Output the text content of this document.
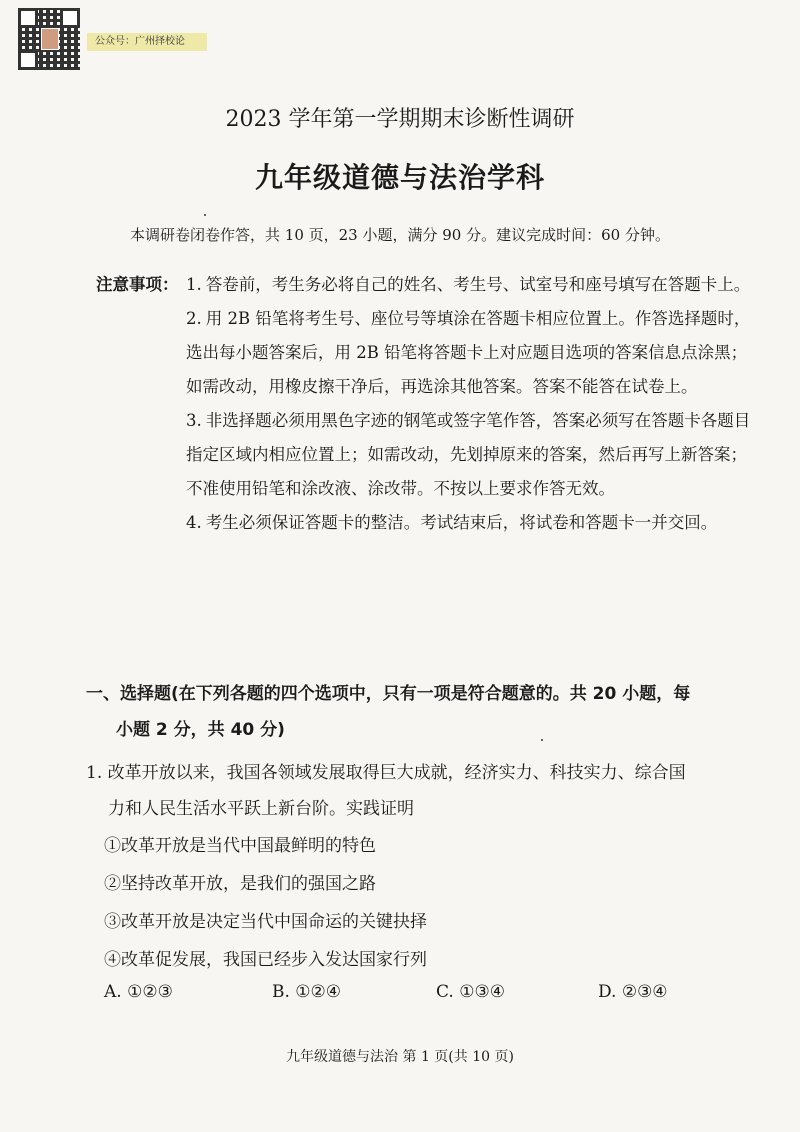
公众号：广州择校论
2023 学年第一学期期末诊断性调研
九年级道德与法治学科
本调研卷闭卷作答，共 10 页，23 小题，满分 90 分。建议完成时间：60 分钟。
注意事项： 1. 答卷前，考生务必将自己的姓名、考生号、试室号和座号填写在答题卡上。
2. 用 2B 铅笔将考生号、座位号等填涂在答题卡相应位置上。作答选择题时，选出每小题答案后，用 2B 铅笔将答题卡上对应题目选项的答案信息点涂黑；如需改动，用橡皮擦干净后，再选涂其他答案。答案不能答在试卷上。
3. 非选择题必须用黑色字迹的钢笔或签字笔作答，答案必须写在答题卡各题目指定区域内相应位置上；如需改动，先划掉原来的答案，然后再写上新答案；不准使用铅笔和涂改液、涂改带。不按以上要求作答无效。
4. 考生必须保证答题卡的整洁。考试结束后，将试卷和答题卡一并交回。
一、选择题(在下列各题的四个选项中，只有一项是符合题意的。共 20 小题，每
小题 2 分，共 40 分)
1. 改革开放以来，我国各领域发展取得巨大成就，经济实力、科技实力、综合国
力和人民生活水平跃上新台阶。实践证明
①改革开放是当代中国最鲜明的特色
②坚持改革开放，是我们的强国之路
③改革开放是决定当代中国命运的关键抉择
④改革促发展，我国已经步入发达国家行列
A. ①②③	B. ①②④	C. ①③④	D. ②③④
九年级道德与法治 第 1 页(共 10 页)
